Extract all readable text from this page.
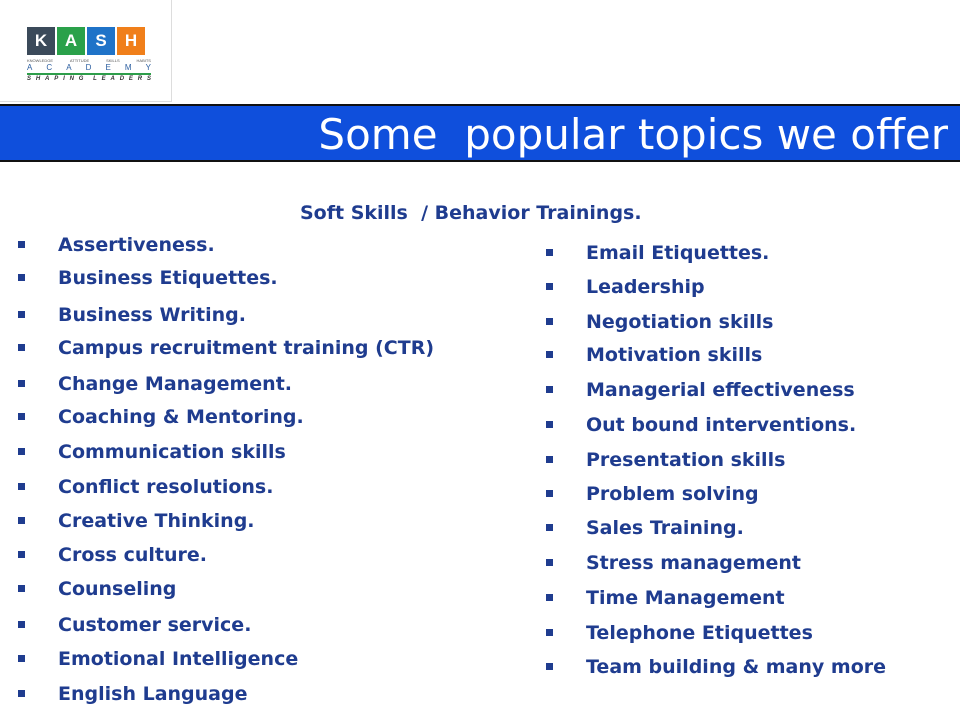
K	A	S	H
KNOWLEDGE	ATTITUDE	SKILLS	HABITS
A C A D E M Y
S H A P I N G L E A D E R S
Some  popular topics we offer
Soft Skills  / Behavior Trainings.
Assertiveness.
Business Etiquettes.
Business Writing.
Campus recruitment training (CTR)
Change Management.
Coaching & Mentoring.
Communication skills
Conflict resolutions.
Creative Thinking.
Cross culture.
Counseling
Customer service.
Emotional Intelligence
English Language
Email Etiquettes.
Leadership
Negotiation skills
Motivation skills
Managerial effectiveness
Out bound interventions.
Presentation skills
Problem solving
Sales Training.
Stress management
Time Management
Telephone Etiquettes
Team building & many more
